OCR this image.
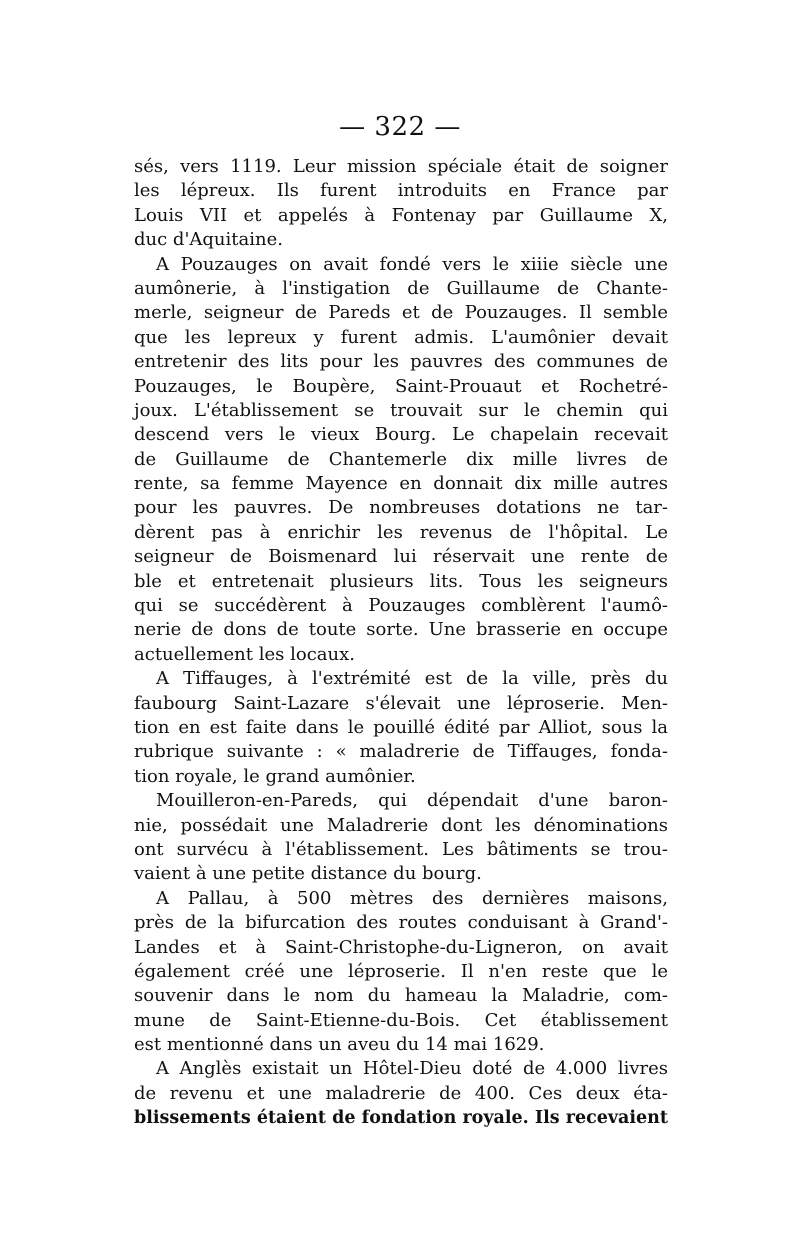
— 322 —
sés, vers 1119. Leur mission spéciale était de soigner
les lépreux. Ils furent introduits en France par
Louis VII et appelés à Fontenay par Guillaume X,
duc d'Aquitaine.
A Pouzauges on avait fondé vers le xiiie siècle une
aumônerie, à l'instigation de Guillaume de Chante-
merle, seigneur de Pareds et de Pouzauges. Il semble
que les lepreux y furent admis. L'aumônier devait
entretenir des lits pour les pauvres des communes de
Pouzauges, le Boupère, Saint-Prouaut et Rochetré-
joux. L'établissement se trouvait sur le chemin qui
descend vers le vieux Bourg. Le chapelain recevait
de Guillaume de Chantemerle dix mille livres de
rente, sa femme Mayence en donnait dix mille autres
pour les pauvres. De nombreuses dotations ne tar-
dèrent pas à enrichir les revenus de l'hôpital. Le
seigneur de Boismenard lui réservait une rente de
ble et entretenait plusieurs lits. Tous les seigneurs
qui se succédèrent à Pouzauges comblèrent l'aumô-
nerie de dons de toute sorte. Une brasserie en occupe
actuellement les locaux.
A Tiffauges, à l'extrémité est de la ville, près du
faubourg Saint-Lazare s'élevait une léproserie. Men-
tion en est faite dans le pouillé édité par Alliot, sous la
rubrique suivante : « maladrerie de Tiffauges, fonda-
tion royale, le grand aumônier.
Mouilleron-en-Pareds, qui dépendait d'une baron-
nie, possédait une Maladrerie dont les dénominations
ont survécu à l'établissement. Les bâtiments se trou-
vaient à une petite distance du bourg.
A Pallau, à 500 mètres des dernières maisons,
près de la bifurcation des routes conduisant à Grand'-
Landes et à Saint-Christophe-du-Ligneron, on avait
également créé une léproserie. Il n'en reste que le
souvenir dans le nom du hameau la Maladrie, com-
mune de Saint-Etienne-du-Bois. Cet établissement
est mentionné dans un aveu du 14 mai 1629.
A Anglès existait un Hôtel-Dieu doté de 4.000 livres
de revenu et une maladrerie de 400. Ces deux éta-
blissements étaient de fondation royale. Ils recevaient
